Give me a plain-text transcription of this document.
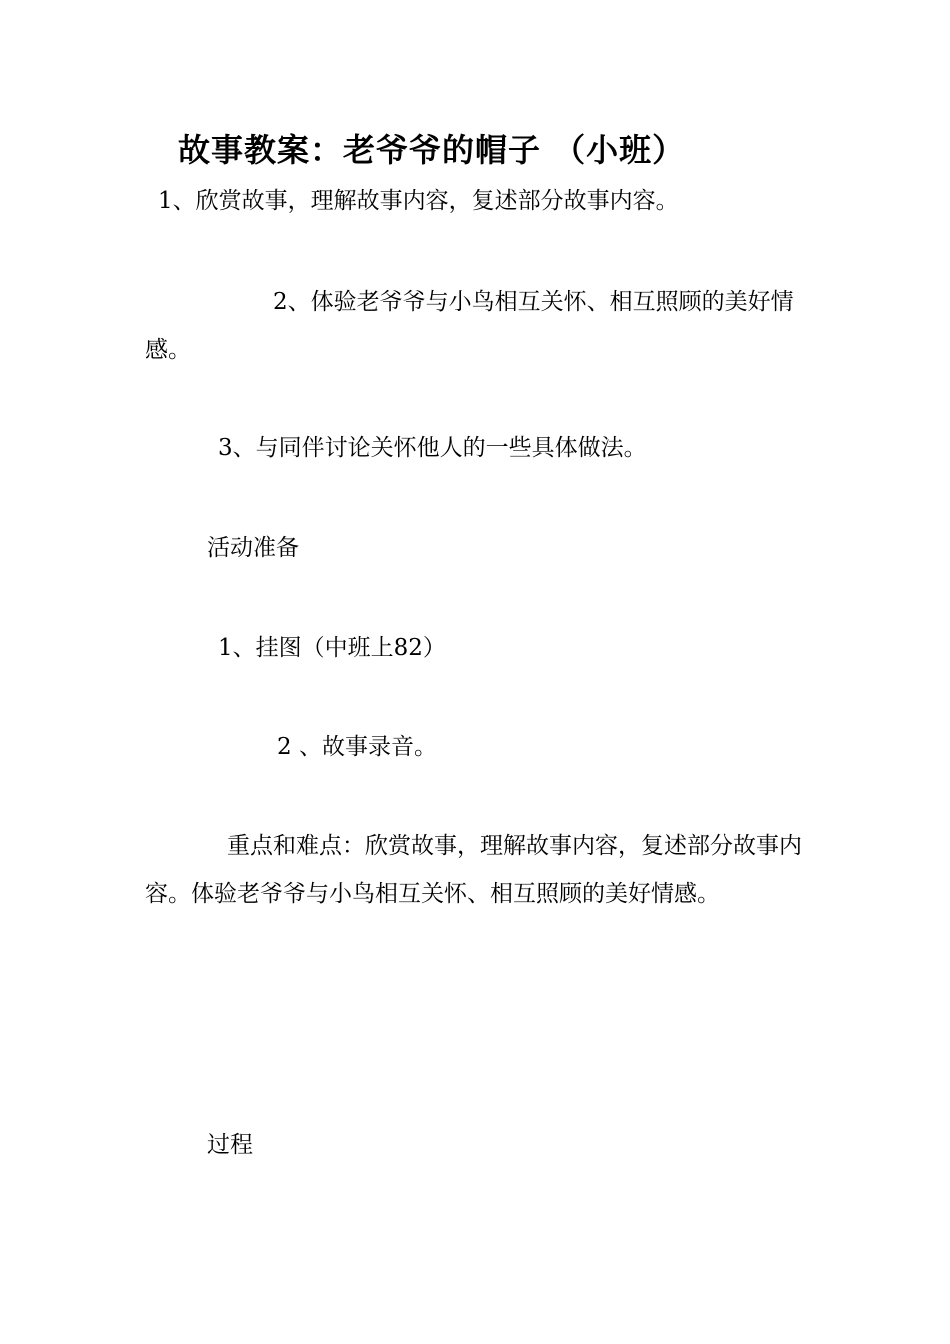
故事教案：老爷爷的帽子 （小班）

1、欣赏故事，理解故事内容，复述部分故事内容。

2、体验老爷爷与小鸟相互关怀、相互照顾的美好情感。

3、与同伴讨论关怀他人的一些具体做法。

活动准备

1、挂图（中班上82）

2 、故事录音。

重点和难点：欣赏故事，理解故事内容，复述部分故事内容。体验老爷爷与小鸟相互关怀、相互照顾的美好情感。

过程
